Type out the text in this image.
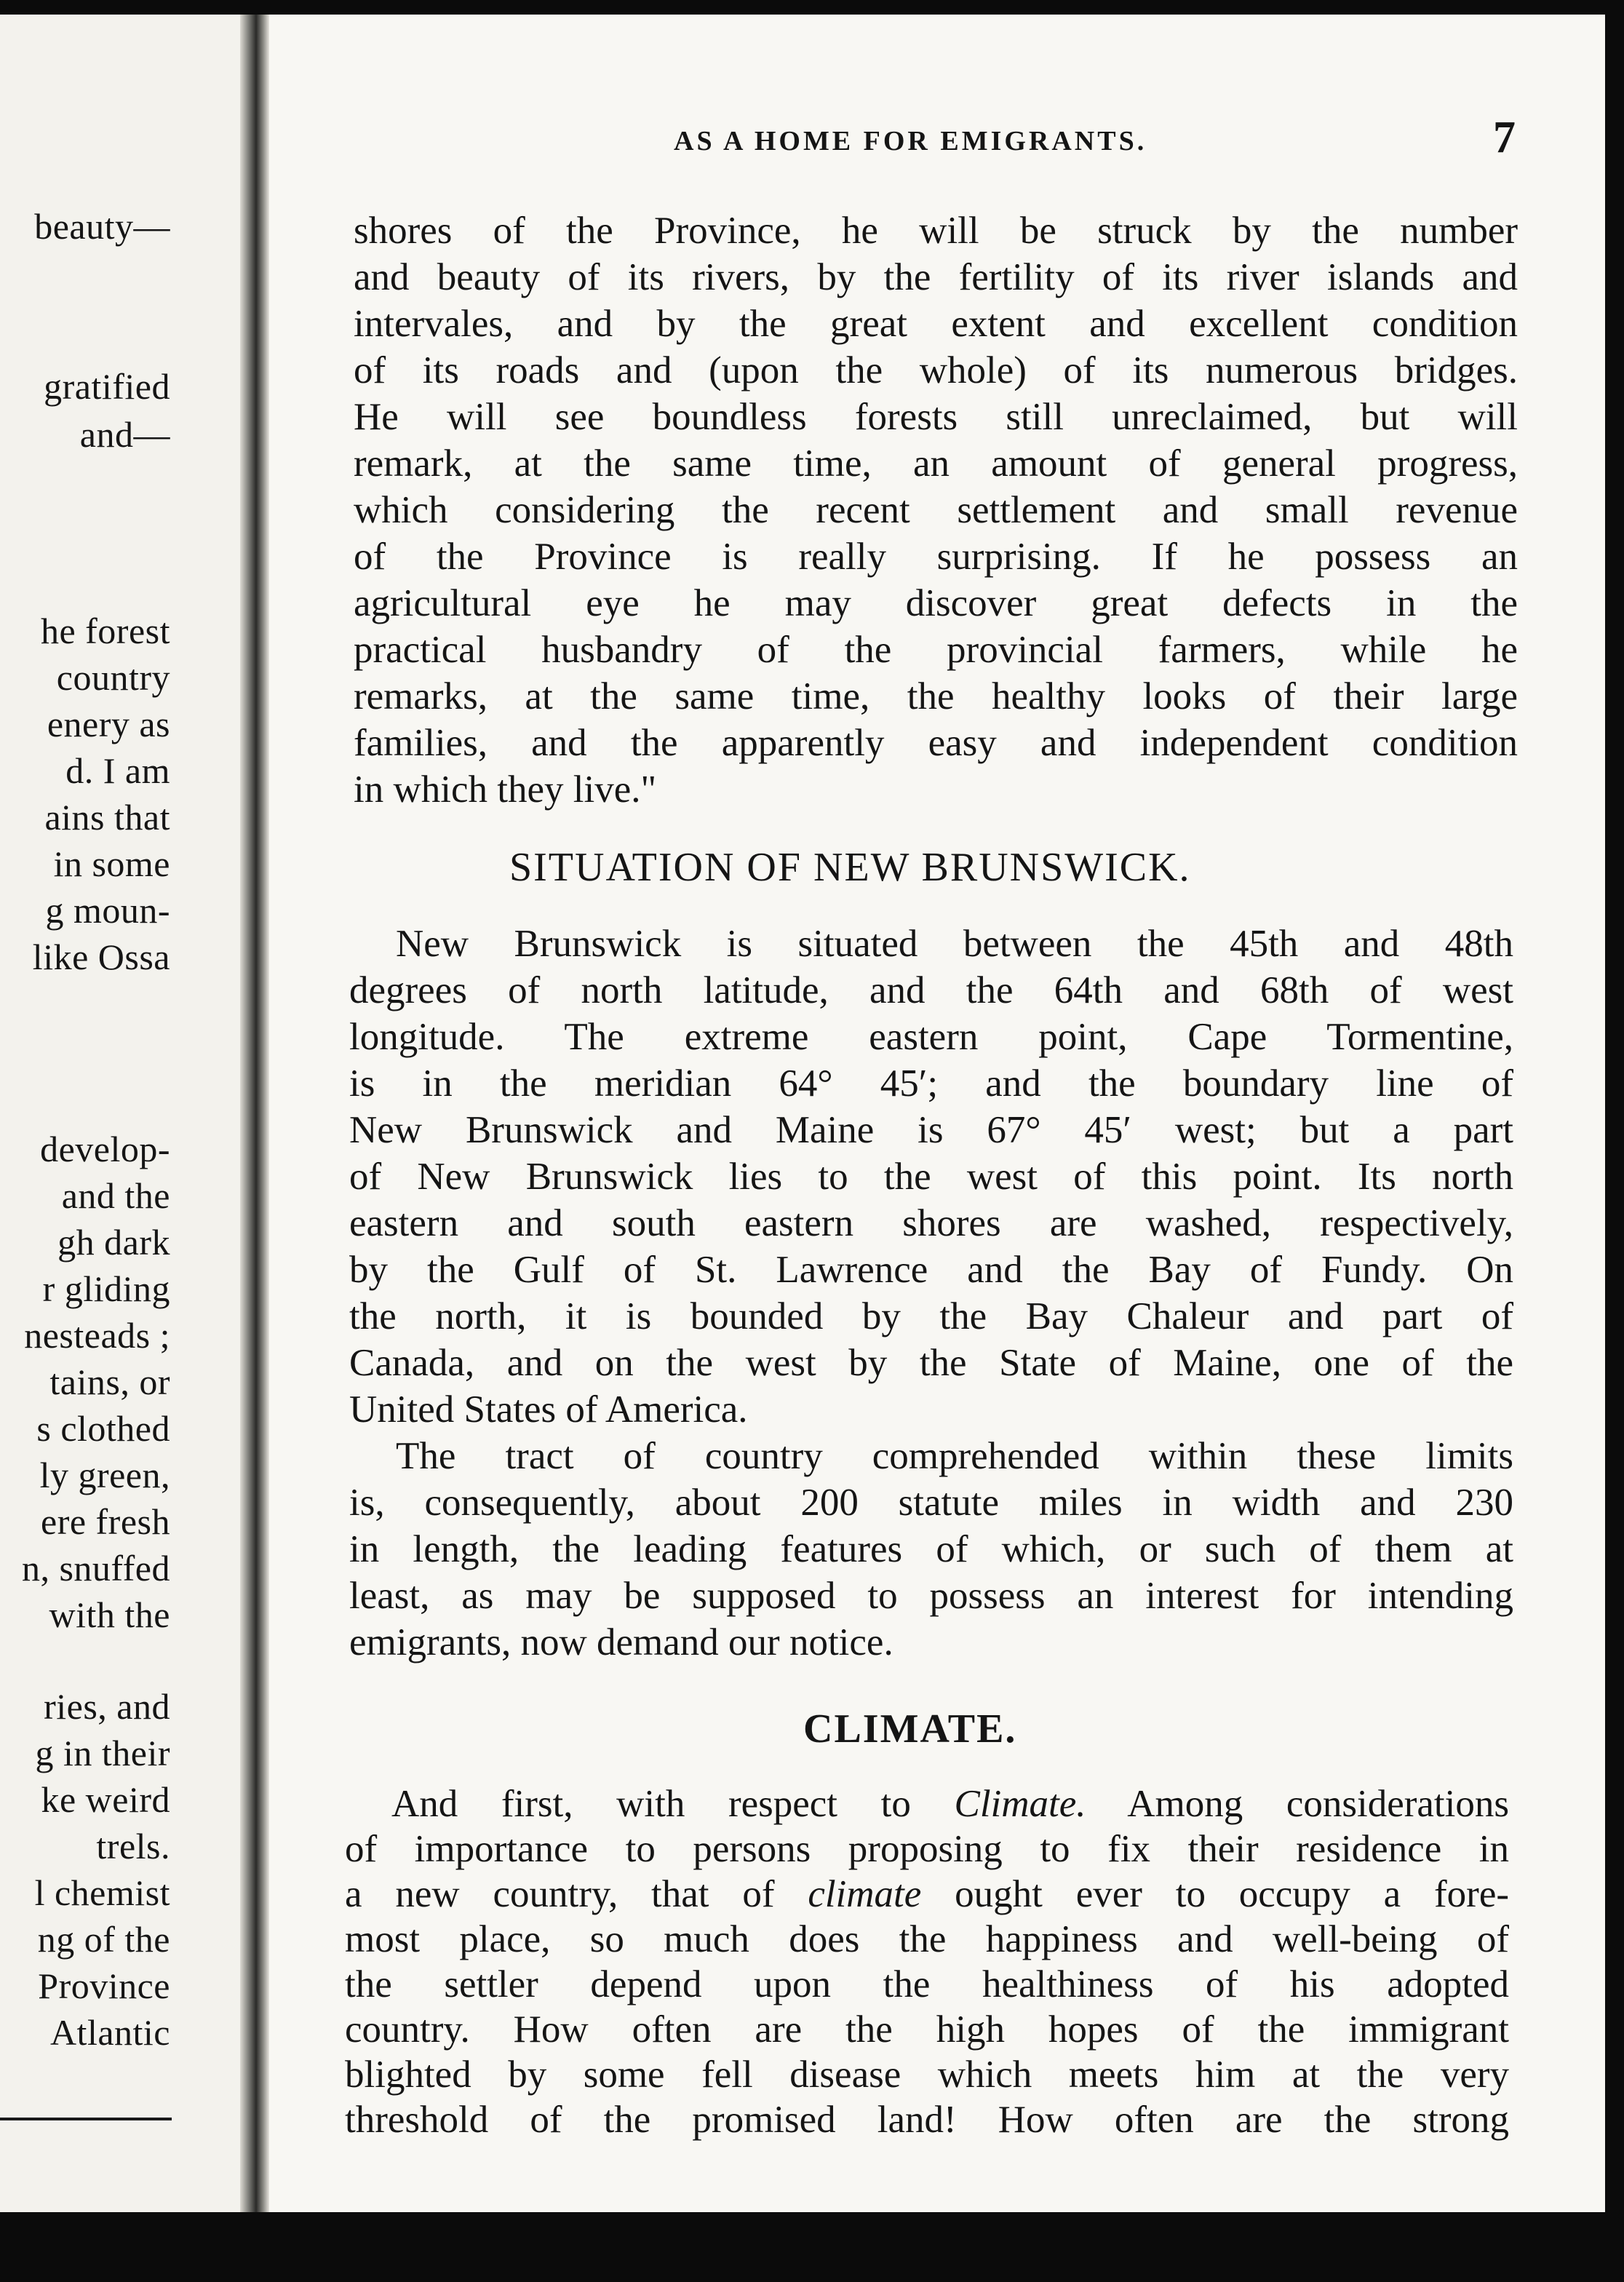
beauty—

gratified

and—

he forest

country

enery as

d. I am

ains that

in some

g moun-

like Ossa

develop-

and the

gh dark

r gliding

nesteads ;

tains, or

s clothed

ly green,

ere fresh

n, snuffed

with the

ries, and

g in their

ke weird

trels.

l chemist

ng of the

Province

Atlantic

AS A HOME FOR EMIGRANTS.	7

shores of the Province, he will be struck by the number

and beauty of its rivers, by the fertility of its river islands and

intervales, and by the great extent and excellent condition

of its roads and (upon the whole) of its numerous bridges.

He will see boundless forests still unreclaimed, but will

remark, at the same time, an amount of general progress,

which considering the recent settlement and small revenue

of the Province is really surprising. If he possess an

agricultural eye he may discover great defects in the

practical husbandry of the provincial farmers, while he

remarks, at the same time, the healthy looks of their large

families, and the apparently easy and independent condition

in which they live."

SITUATION OF NEW BRUNSWICK.

New Brunswick is situated between the 45th and 48th

degrees of north latitude, and the 64th and 68th of west

longitude. The extreme eastern point, Cape Tormentine,

is in the meridian 64° 45′; and the boundary line of

New Brunswick and Maine is 67° 45′ west; but a part

of New Brunswick lies to the west of this point. Its north

eastern and south eastern shores are washed, respectively,

by the Gulf of St. Lawrence and the Bay of Fundy. On

the north, it is bounded by the Bay Chaleur and part of

Canada, and on the west by the State of Maine, one of the

United States of America.

The tract of country comprehended within these limits

is, consequently, about 200 statute miles in width and 230

in length, the leading features of which, or such of them at

least, as may be supposed to possess an interest for intending

emigrants, now demand our notice.

CLIMATE.

And first, with respect to Climate. Among considerations

of importance to persons proposing to fix their residence in

a new country, that of climate ought ever to occupy a fore-

most place, so much does the happiness and well-being of

the settler depend upon the healthiness of his adopted

country. How often are the high hopes of the immigrant

blighted by some fell disease which meets him at the very

threshold of the promised land! How often are the strong
